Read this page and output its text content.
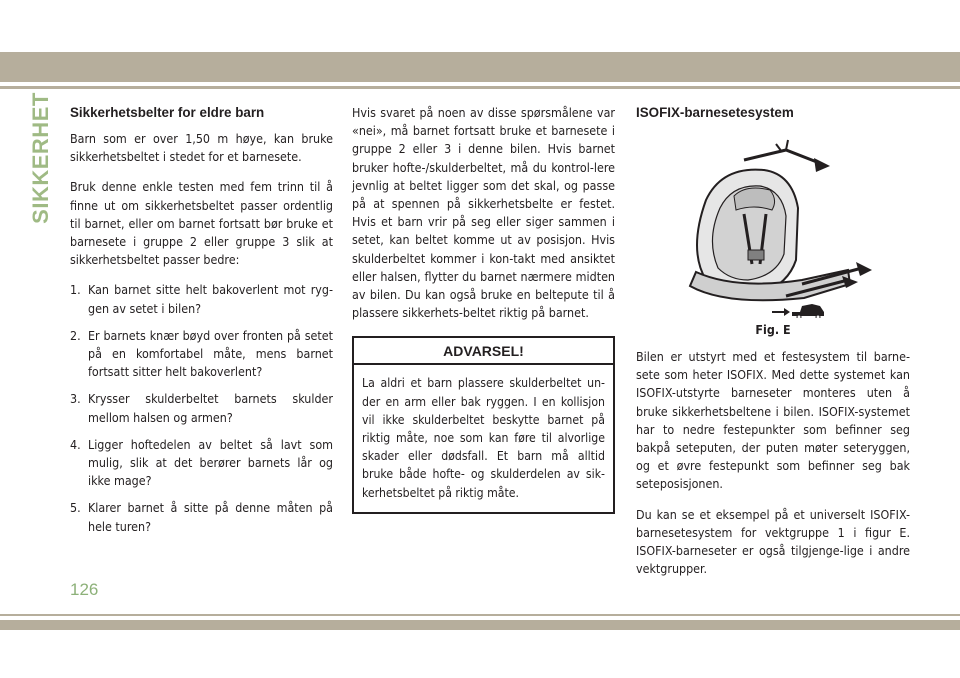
SIKKERHET Sikkerhetsbelter for eldre barn

Barn som er over 1,50 m høye, kan bruke sikkerhetsbeltet i stedet for et barnesete.

Bruk denne enkle testen med fem trinn til å finne ut om sikkerhetsbeltet passer ordentlig til barnet, eller om barnet fortsatt bør bruke et barnesete i gruppe 2 eller gruppe 3 slik at sikkerhetsbeltet passer bedre:

1. Kan barnet sitte helt bakoverlent mot ryg-gen av setet i bilen?
2. Er barnets knær bøyd over fronten på setet på en komfortabel måte, mens barnet fortsatt sitter helt bakoverlent?
3. Krysser skulderbeltet barnets skulder mellom halsen og armen?
4. Ligger hoftedelen av beltet så lavt som mulig, slik at det berører barnets lår og ikke mage?
5. Klarer barnet å sitte på denne måten på hele turen?

Hvis svaret på noen av disse spørsmålene var «nei», må barnet fortsatt bruke et barnesete i gruppe 2 eller 3 i denne bilen. Hvis barnet bruker hofte-/skulderbeltet, må du kontrol-lere jevnlig at beltet ligger som det skal, og passe på at spennen på sikkerhetsbelte er festet. Hvis et barn vrir på seg eller siger sammen i setet, kan beltet komme ut av posisjon. Hvis skulderbeltet kommer i kon-takt med ansiktet eller halsen, flytter du barnet nærmere midten av bilen. Du kan også bruke en beltepute til å plassere sikkerhets-beltet riktig på barnet.

ADVARSEL!
La aldri et barn plassere skulderbeltet un-der en arm eller bak ryggen. I en kollisjon vil ikke skulderbeltet beskytte barnet på riktig måte, noe som kan føre til alvorlige skader eller dødsfall. Et barn må alltid bruke både hofte- og skulderdelen av sik-kerhetsbeltet på riktig måte.
ISOFIX-barnesetesystem
Fig. E

Bilen er utstyrt med et festesystem til barne-sete som heter ISOFIX. Med dette systemet kan ISOFIX-utstyrte barneseter monteres uten å bruke sikkerhetsbeltene i bilen. ISOFIX-systemet har to nedre festepunkter som befinner seg bakpå seteputen, der puten møter seteryggen, og et øvre festepunkt som befinner seg bak seteposisjonen.

Du kan se et eksempel på et universelt ISOFIX-barnesetesystem for vektgruppe 1 i figur E. ISOFIX-barneseter er også tilgjenge-lige i andre vektgrupper.

126
